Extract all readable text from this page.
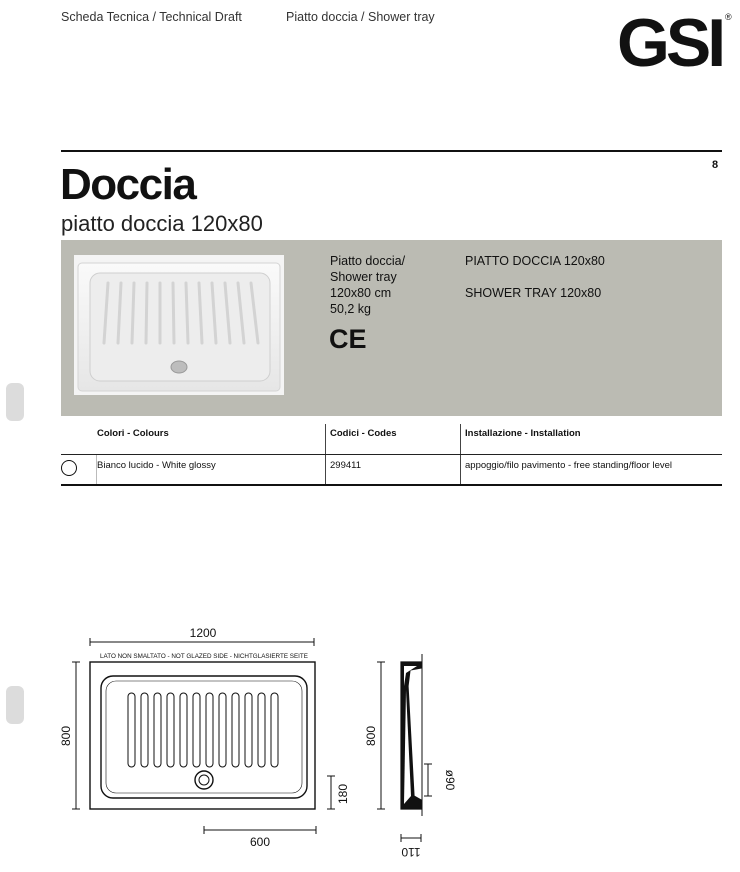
Scheda Tecnica / Technical Draft	Piatto doccia / Shower tray	GSI ®
8
Doccia
piatto doccia 120x80
Piatto doccia/
Shower tray
120x80 cm
50,2 kg
CE
PIATTO DOCCIA 120x80
SHOWER TRAY 120x80
Colori - Colours	Codici - Codes	Installazione - Installation
Bianco lucido - White glossy	299411	appoggio/filo pavimento - free standing/floor level
1200
LATO NON SMALTATO - NOT GLAZED SIDE - NICHTGLASIERTE SEITE
800
180
600
800
ø90
110
